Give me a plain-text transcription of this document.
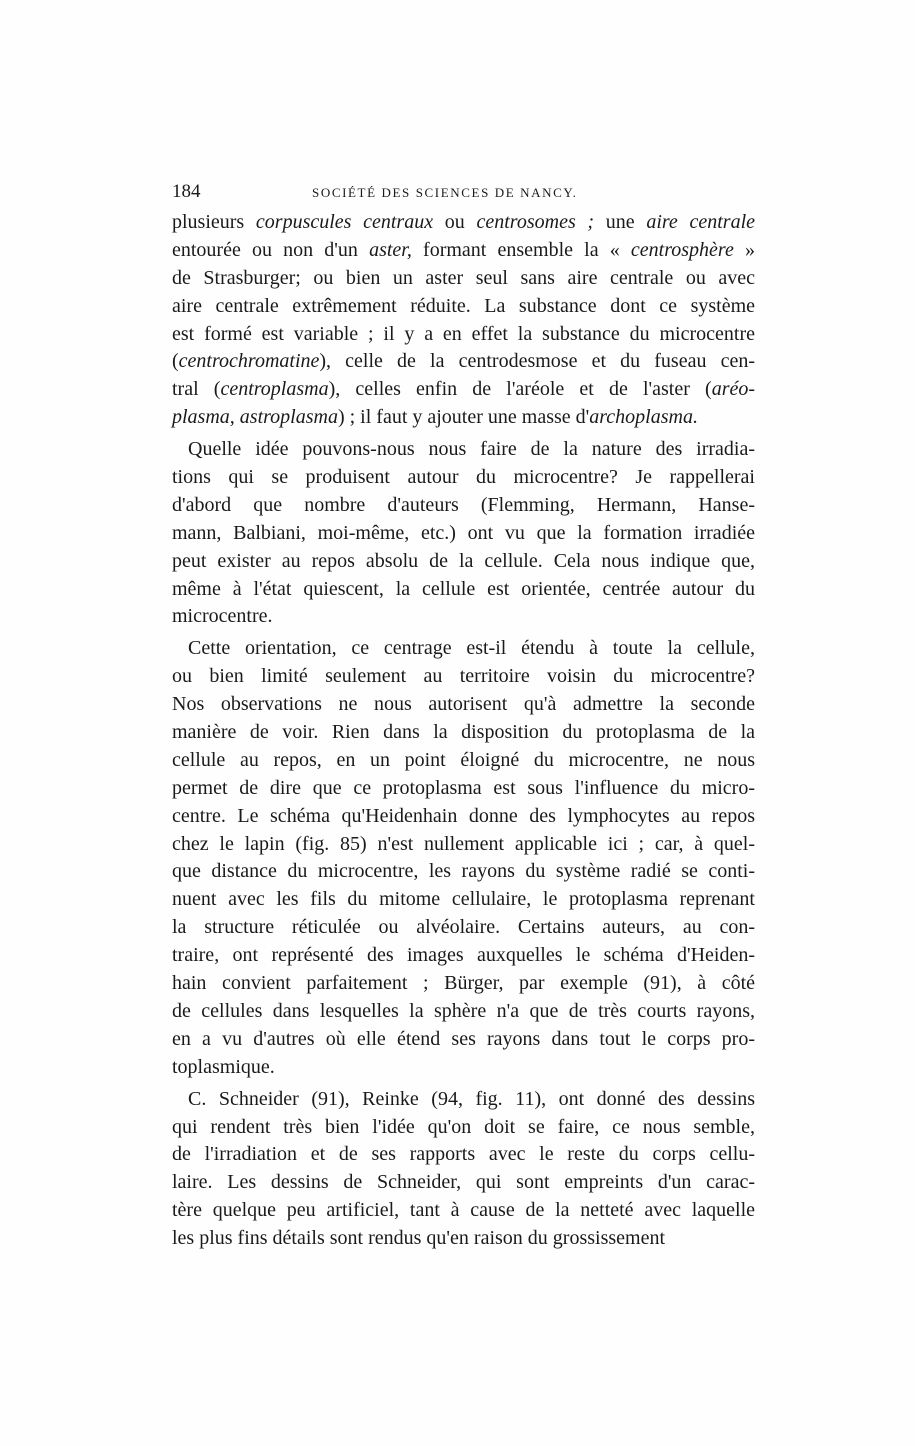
184	SOCIÉTÉ DES SCIENCES DE NANCY.
plusieurs corpuscules centraux ou centrosomes ; une aire centrale
entourée ou non d'un aster, formant ensemble la « centrosphère »
de Strasburger; ou bien un aster seul sans aire centrale ou avec
aire centrale extrêmement réduite. La substance dont ce système
est formé est variable ; il y a en effet la substance du microcentre
(centrochromatine), celle de la centrodesmose et du fuseau cen-
tral (centroplasma), celles enfin de l'aréole et de l'aster (aréo-
plasma, astroplasma) ; il faut y ajouter une masse d'archoplasma.
Quelle idée pouvons-nous nous faire de la nature des irradia-
tions qui se produisent autour du microcentre? Je rappellerai
d'abord que nombre d'auteurs (Flemming, Hermann, Hanse-
mann, Balbiani, moi-même, etc.) ont vu que la formation irradiée
peut exister au repos absolu de la cellule. Cela nous indique que,
même à l'état quiescent, la cellule est orientée, centrée autour du
microcentre.
Cette orientation, ce centrage est-il étendu à toute la cellule,
ou bien limité seulement au territoire voisin du microcentre?
Nos observations ne nous autorisent qu'à admettre la seconde
manière de voir. Rien dans la disposition du protoplasma de la
cellule au repos, en un point éloigné du microcentre, ne nous
permet de dire que ce protoplasma est sous l'influence du micro-
centre. Le schéma qu'Heidenhain donne des lymphocytes au repos
chez le lapin (fig. 85) n'est nullement applicable ici ; car, à quel-
que distance du microcentre, les rayons du système radié se conti-
nuent avec les fils du mitome cellulaire, le protoplasma reprenant
la structure réticulée ou alvéolaire. Certains auteurs, au con-
traire, ont représenté des images auxquelles le schéma d'Heiden-
hain convient parfaitement ; Bürger, par exemple (91), à côté
de cellules dans lesquelles la sphère n'a que de très courts rayons,
en a vu d'autres où elle étend ses rayons dans tout le corps pro-
toplasmique.
C. Schneider (91), Reinke (94, fig. 11), ont donné des dessins
qui rendent très bien l'idée qu'on doit se faire, ce nous semble,
de l'irradiation et de ses rapports avec le reste du corps cellu-
laire. Les dessins de Schneider, qui sont empreints d'un carac-
tère quelque peu artificiel, tant à cause de la netteté avec laquelle
les plus fins détails sont rendus qu'en raison du grossissement
